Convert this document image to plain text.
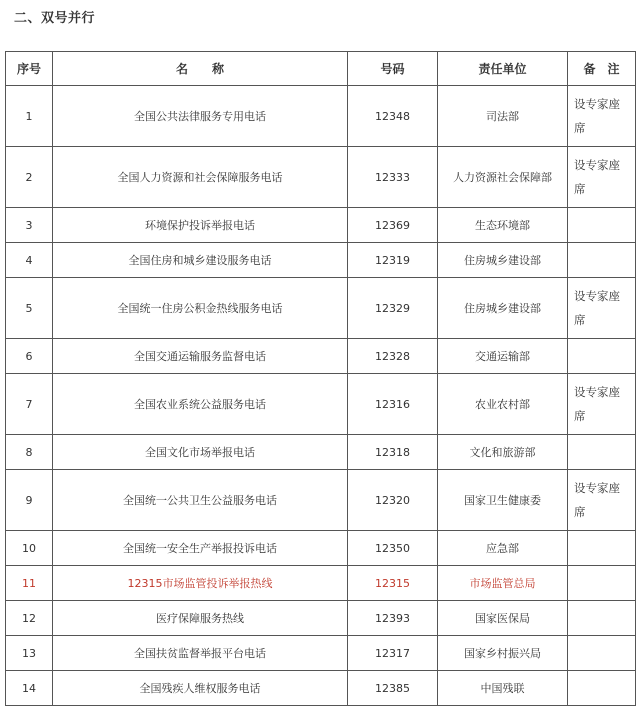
二、双号并行
序号	名　　称	号码	责任单位	备　注
1	全国公共法律服务专用电话	12348	司法部	设专家座席
2	全国人力资源和社会保障服务电话	12333	人力资源社会保障部	设专家座席
3	环境保护投诉举报电话	12369	生态环境部	
4	全国住房和城乡建设服务电话	12319	住房城乡建设部	
5	全国统一住房公积金热线服务电话	12329	住房城乡建设部	设专家座席
6	全国交通运输服务监督电话	12328	交通运输部	
7	全国农业系统公益服务电话	12316	农业农村部	设专家座席
8	全国文化市场举报电话	12318	文化和旅游部	
9	全国统一公共卫生公益服务电话	12320	国家卫生健康委	设专家座席
10	全国统一安全生产举报投诉电话	12350	应急部	
11	12315市场监管投诉举报热线	12315	市场监管总局	
12	医疗保障服务热线	12393	国家医保局	
13	全国扶贫监督举报平台电话	12317	国家乡村振兴局	
14	全国残疾人维权服务电话	12385	中国残联	
